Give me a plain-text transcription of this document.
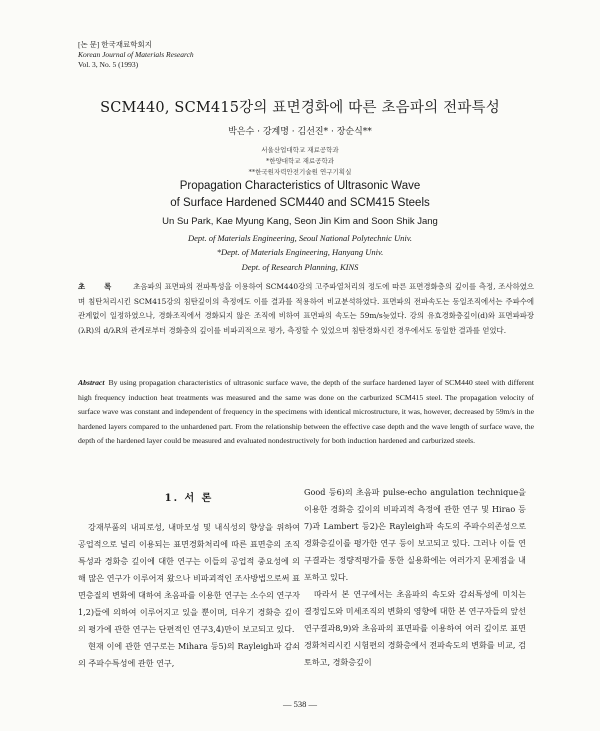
[논 문] 한국재료학회지
Korean Journal of Materials Research
Vol. 3, No. 5 (1993)
SCM440, SCM415강의 표면경화에 따른 초음파의 전파특성
박은수 · 강계명 · 김선진* · 장순식**
서울산업대학교 재료공학과
*한양대학교 재료공학과
**한국원자력안전기술원 연구기획실
Propagation Characteristics of Ultrasonic Wave
of Surface Hardened SCM440 and SCM415 Steels
Un Su Park, Kae Myung Kang, Seon Jin Kim and Soon Shik Jang
Dept. of Materials Engineering, Seoul National Polytechnic Univ.
*Dept. of Materials Engineering, Hanyang Univ.
Dept. of Research Planning, KINS
초 록 초음파의 표면파의 전파특성을 이용하여 SCM440강의 고주파열처리의 정도에 따른 표면경화층의 깊이를 측정, 조사하였으며 침탄처리시킨 SCM415강의 침탄깊이의 측정에도 이를 결과를 적용하여 비교분석하였다. 표면파의 전파속도는 동일조직에서는 주파수에 관계없이 일정하였으나, 경화조직에서 경화되지 않은 조직에 비하여 표면파의 속도는 59m/s늦었다. 강의 유효경화층깊이(d)와 표면파파장(λR)의 d/λR의 관계로부터 경화층의 깊이를 비파괴적으로 평가, 측정할 수 있었으며 침탄경화시킨 경우에서도 동일한 결과를 얻었다.
Abstract By using propagation characteristics of ultrasonic surface wave, the depth of the surface hardened layer of SCM440 steel with different high frequency induction heat treatments was measured and the same was done on the carburized SCM415 steel. The propagation velocity of surface wave was constant and independent of frequency in the specimens with identical microstructure, it was, however, decreased by 59m/s in the hardened layers compared to the unhardened part. From the relationship between the effective case depth and the wave length of surface wave, the depth of the hardened layer could be measured and evaluated nondestructively for both induction hardened and carburized steels.
1. 서 론

강재부품의 내피로성, 내마모성 및 내식성의 향상을 위하여 공업적으로 널리 이용되는 표면경화처리에 따른 표면층의 조직특성과 경화층 깊이에 대한 연구는 이들의 공업적 중요성에 의해 많은 연구가 이루어져 왔으나 비파괴적인 조사방법으로써 표면층질의 변화에 대하여 초음파를 이용한 연구는 소수의 연구자1,2)들에 의하여 이루어지고 있을 뿐이며, 더우기 경화층 깊이의 평가에 관한 연구는 단편적인 연구3,4)만이 보고되고 있다.

현재 이에 관한 연구로는 Mihara 등5)의 Rayleigh파 감쇠의 주파수특성에 관한 연구,

Good 등6)의 초음파 pulse-echo angulation technique을 이용한 경화층 깊이의 비파괴적 측정에 관한 연구 및 Hirao 등7)과 Lambert 등2)은 Rayleigh파 속도의 주파수의존성으로 경화층깊이를 평가한 연구 등이 보고되고 있다. 그러나 이들 연구결과는 정량적평가를 통한 실용화에는 여러가지 문제점을 내포하고 있다.

따라서 본 연구에서는 초음파의 속도와 감쇠특성에 미치는 결정입도와 미세조직의 변화의 영향에 대한 본 연구자들의 앞선 연구결과8,9)와 초음파의 표면파를 이용하여 여러 깊이로 표면경화처리시킨 시험편의 경화층에서 전파속도의 변화를 비교, 검토하고, 경화층깊이

— 538 —
